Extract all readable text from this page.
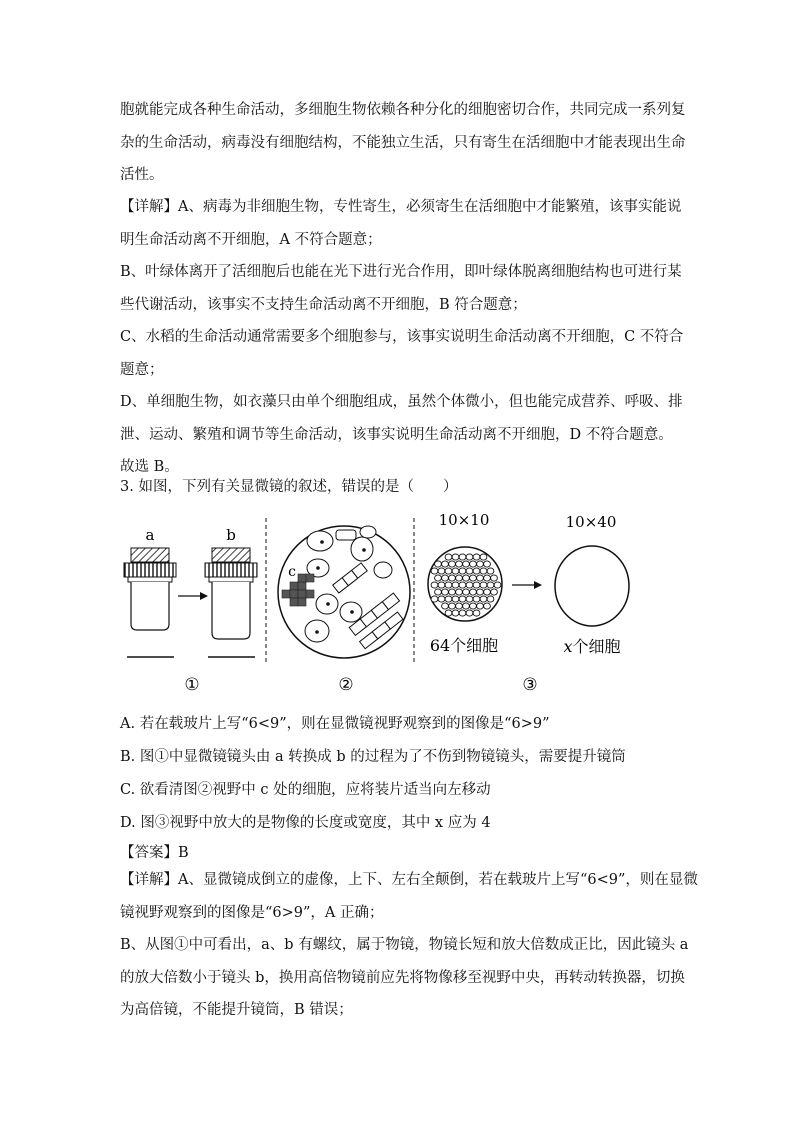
胞就能完成各种生命活动，多细胞生物依赖各种分化的细胞密切合作，共同完成一系列复
杂的生命活动，病毒没有细胞结构，不能独立生活，只有寄生在活细胞中才能表现出生命
活性。
【详解】A、病毒为非细胞生物，专性寄生，必须寄生在活细胞中才能繁殖，该事实能说
明生命活动离不开细胞，A 不符合题意；
B、叶绿体离开了活细胞后也能在光下进行光合作用，即叶绿体脱离细胞结构也可进行某
些代谢活动，该事实不支持生命活动离不开细胞，B 符合题意；
C、水稻的生命活动通常需要多个细胞参与，该事实说明生命活动离不开细胞，C 不符合
题意；
D、单细胞生物，如衣藻只由单个细胞组成，虽然个体微小，但也能完成营养、呼吸、排
泄、运动、繁殖和调节等生命活动，该事实说明生命活动离不开细胞，D 不符合题意。
故选 B。
3. 如图，下列有关显微镜的叙述，错误的是（　　）
a	b
c
10×10
64个细胞
10×40
x个细胞
①	②	③
A. 若在载玻片上写“6<9”，则在显微镜视野观察到的图像是“6>9”
B. 图①中显微镜镜头由 a 转换成 b 的过程为了不伤到物镜镜头，需要提升镜筒
C. 欲看清图②视野中 c 处的细胞，应将装片适当向左移动
D. 图③视野中放大的是物像的长度或宽度，其中 x 应为 4
【答案】B
【详解】A、显微镜成倒立的虚像，上下、左右全颠倒，若在载玻片上写“6<9”，则在显微
镜视野观察到的图像是“6>9”，A 正确；
B、从图①中可看出，a、b 有螺纹，属于物镜，物镜长短和放大倍数成正比，因此镜头 a
的放大倍数小于镜头 b，换用高倍物镜前应先将物像移至视野中央，再转动转换器，切换
为高倍镜，不能提升镜筒，B 错误；
